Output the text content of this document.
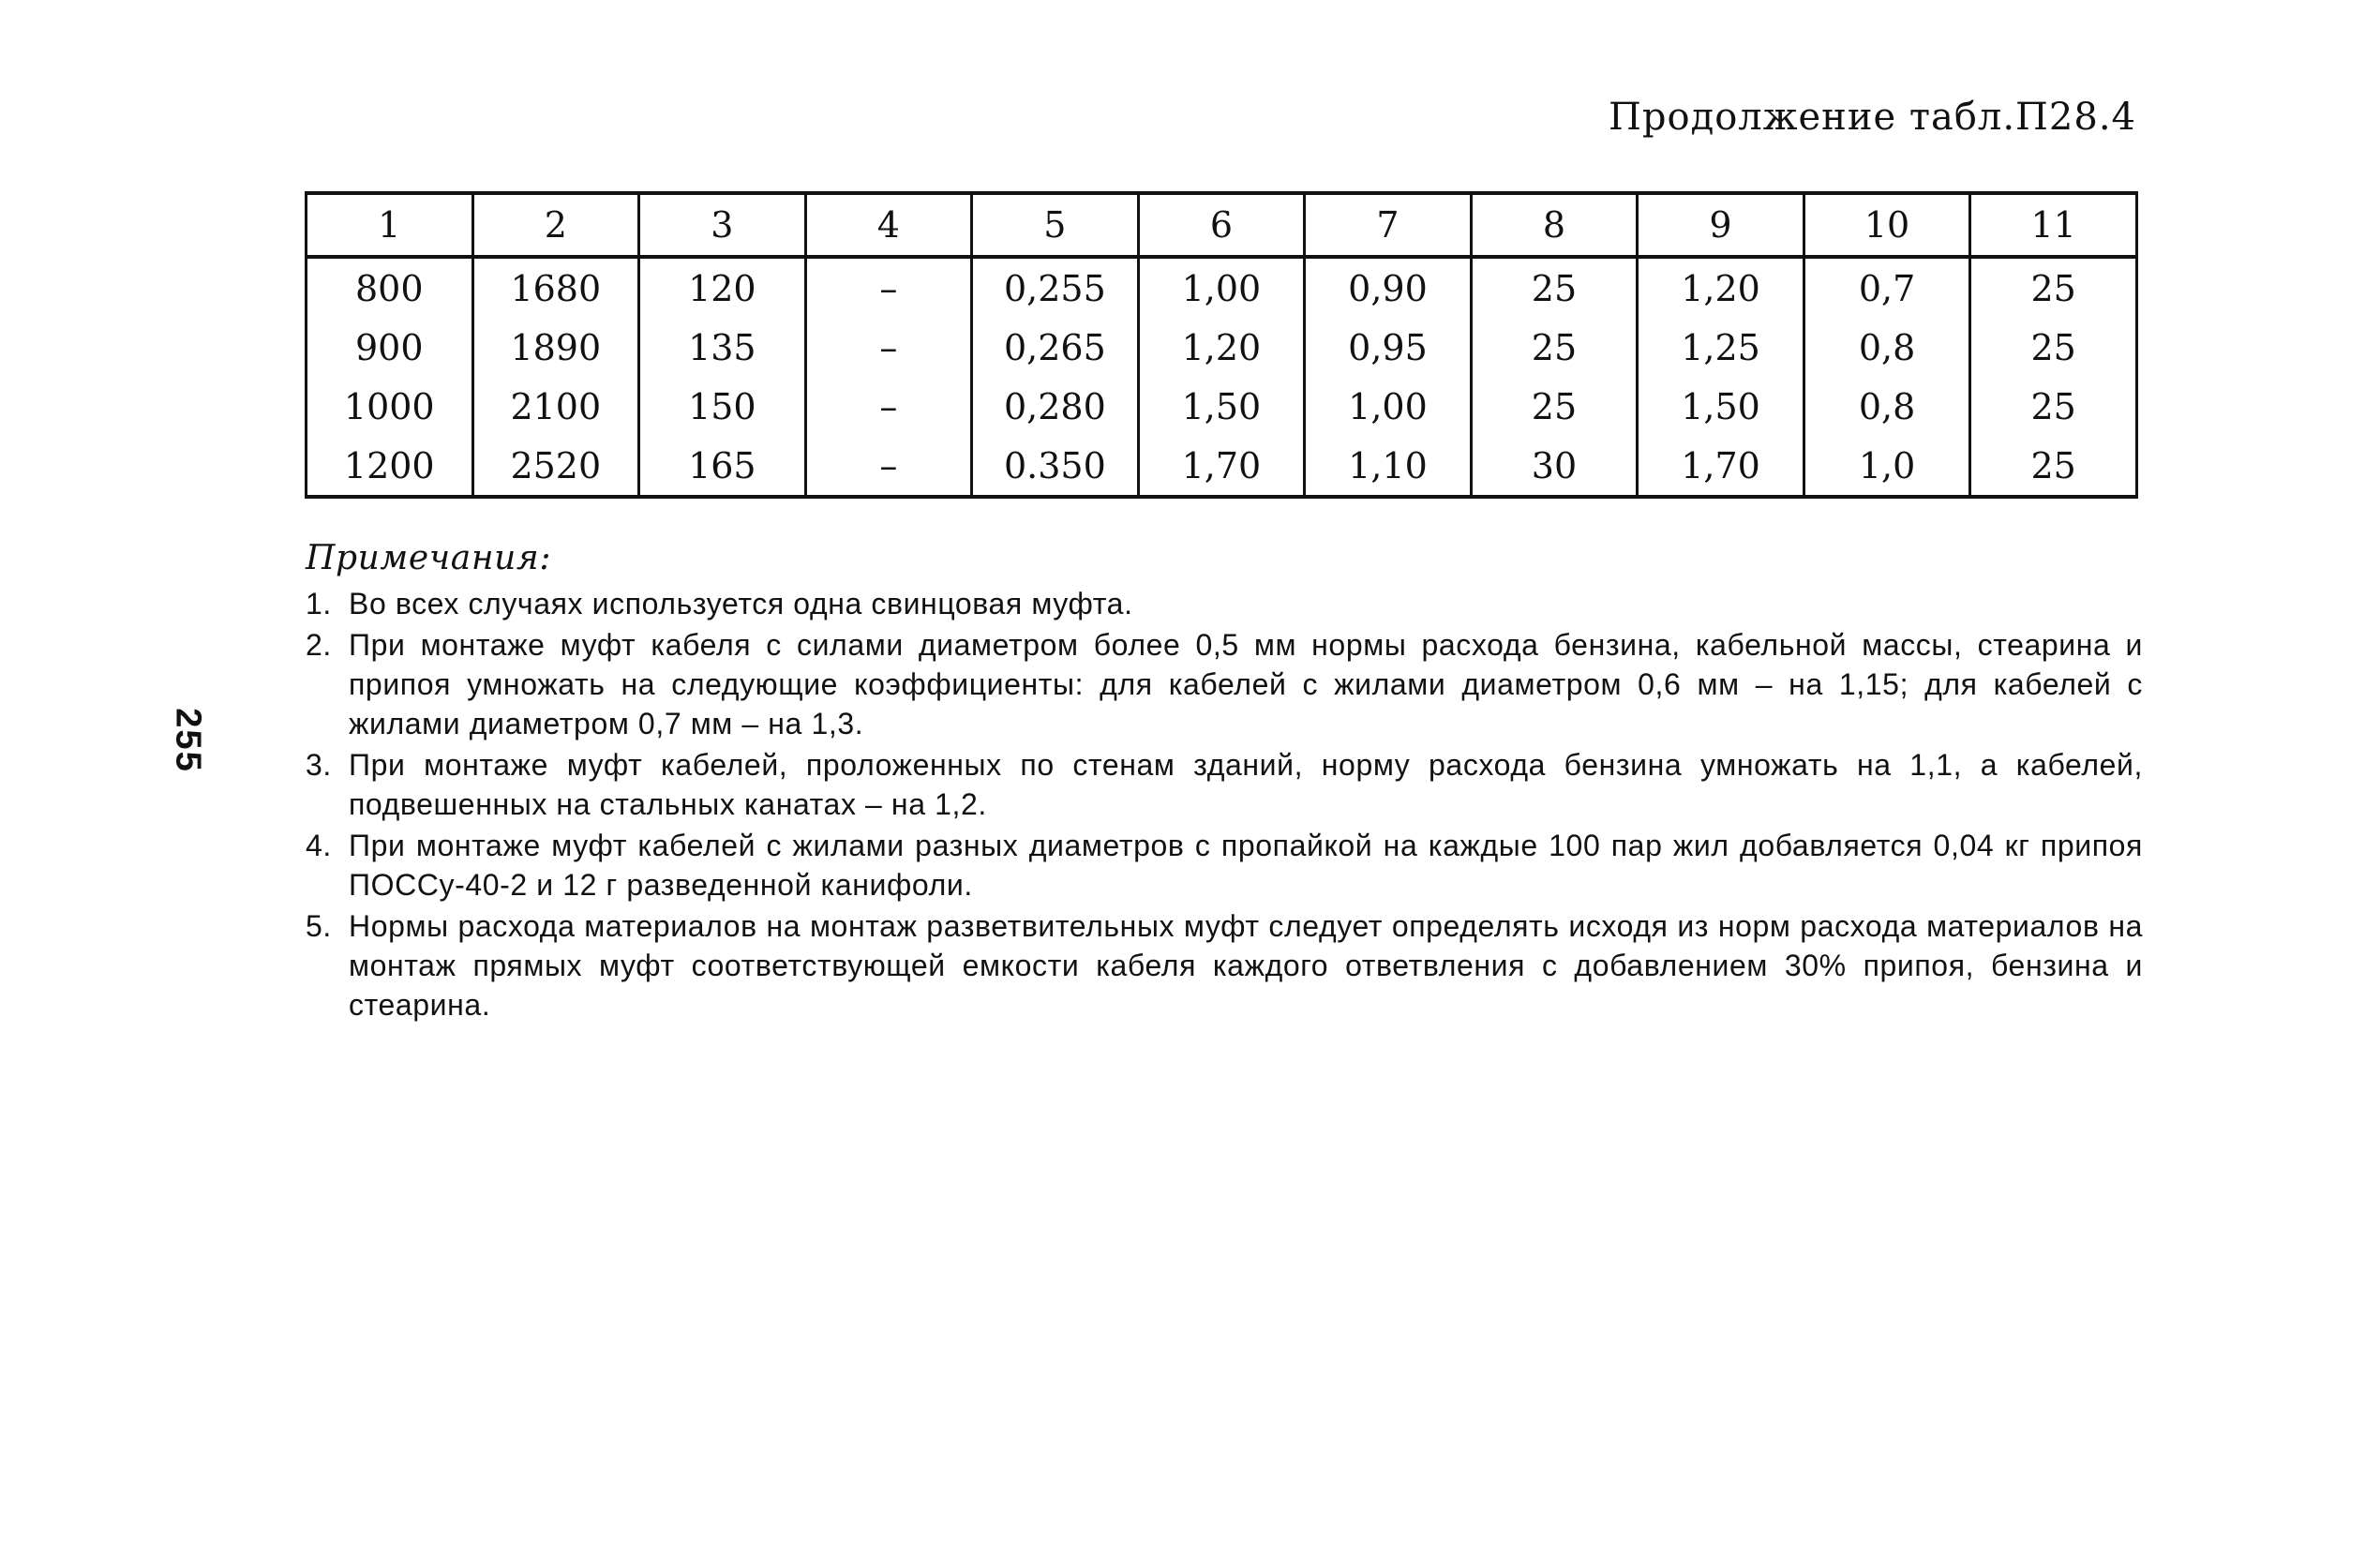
Продолжение табл.П28.4
255
1	2	3	4	5	6	7	8	9	10	11
800	1680	120	–	0,255	1,00	0,90	25	1,20	0,7	25
900	1890	135	–	0,265	1,20	0,95	25	1,25	0,8	25
1000	2100	150	–	0,280	1,50	1,00	25	1,50	0,8	25
1200	2520	165	–	0.350	1,70	1,10	30	1,70	1,0	25
Примечания:
1. Во всех случаях используется одна свинцовая муфта.
2. При монтаже муфт кабеля с силами диаметром более 0,5 мм нормы расхода бензина, кабельной массы, стеарина и припоя умножать на следующие коэффициенты: для кабелей с жилами диаметром 0,6 мм – на 1,15; для кабелей с жилами диаметром 0,7 мм – на 1,3.
3. При монтаже муфт кабелей, проложенных по стенам зданий, норму расхода бензина умножать на 1,1, а кабелей, подвешенных на стальных канатах – на 1,2.
4. При монтаже муфт кабелей с жилами разных диаметров с пропайкой на каждые 100 пар жил добавляется 0,04 кг припоя ПОССу-40-2 и 12 г разведенной канифоли.
5. Нормы расхода материалов на монтаж разветвительных муфт следует определять исходя из норм расхода материалов на монтаж прямых муфт соответствующей емкости кабеля каждого ответвления с добавлением 30% припоя, бензина и стеарина.
